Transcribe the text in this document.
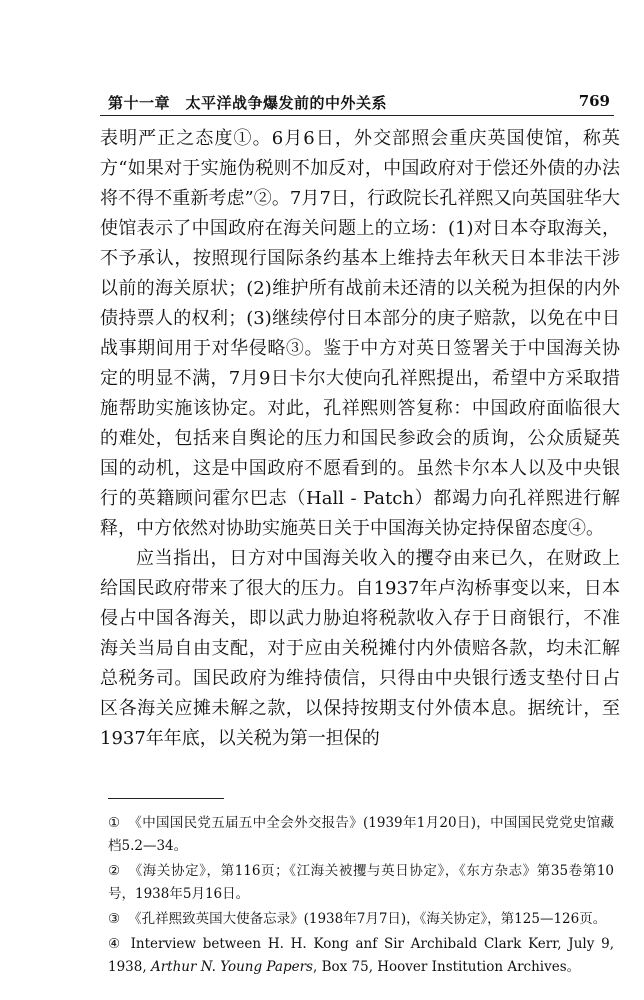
第十一章　太平洋战争爆发前的中外关系	769

表明严正之态度①。6月6日，外交部照会重庆英国使馆，称英方“如果对于实施伪税则不加反对，中国政府对于偿还外债的办法将不得不重新考虑”②。7月7日，行政院长孔祥熙又向英国驻华大使馆表示了中国政府在海关问题上的立场：(1)对日本夺取海关，不予承认，按照现行国际条约基本上维持去年秋天日本非法干涉以前的海关原状；(2)维护所有战前未还清的以关税为担保的内外债持票人的权利；(3)继续停付日本部分的庚子赔款，以免在中日战事期间用于对华侵略③。鉴于中方对英日签署关于中国海关协定的明显不满，7月9日卡尔大使向孔祥熙提出，希望中方采取措施帮助实施该协定。对此，孔祥熙则答复称：中国政府面临很大的难处，包括来自舆论的压力和国民参政会的质询，公众质疑英国的动机，这是中国政府不愿看到的。虽然卡尔本人以及中央银行的英籍顾问霍尔巴志（Hall - Patch）都竭力向孔祥熙进行解释，中方依然对协助实施英日关于中国海关协定持保留态度④。

应当指出，日方对中国海关收入的攫夺由来已久，在财政上给国民政府带来了很大的压力。自1937年卢沟桥事变以来，日本侵占中国各海关，即以武力胁迫将税款收入存于日商银行，不准海关当局自由支配，对于应由关税摊付内外债赔各款，均未汇解总税务司。国民政府为维持债信，只得由中央银行透支垫付日占区各海关应摊未解之款，以保持按期支付外债本息。据统计，至1937年年底，以关税为第一担保的

① 《中国国民党五届五中全会外交报告》(1939年1月20日)，中国国民党党史馆藏档5.2—34。

② 《海关协定》，第116页；《江海关被攫与英日协定》，《东方杂志》第35卷第10号，1938年5月16日。

③ 《孔祥熙致英国大使备忘录》(1938年7月7日)，《海关协定》，第125—126页。

④ Interview between H. H. Kong anf Sir Archibald Clark Kerr, July 9, 1938, Arthur N. Young Papers, Box 75, Hoover Institution Archives。
